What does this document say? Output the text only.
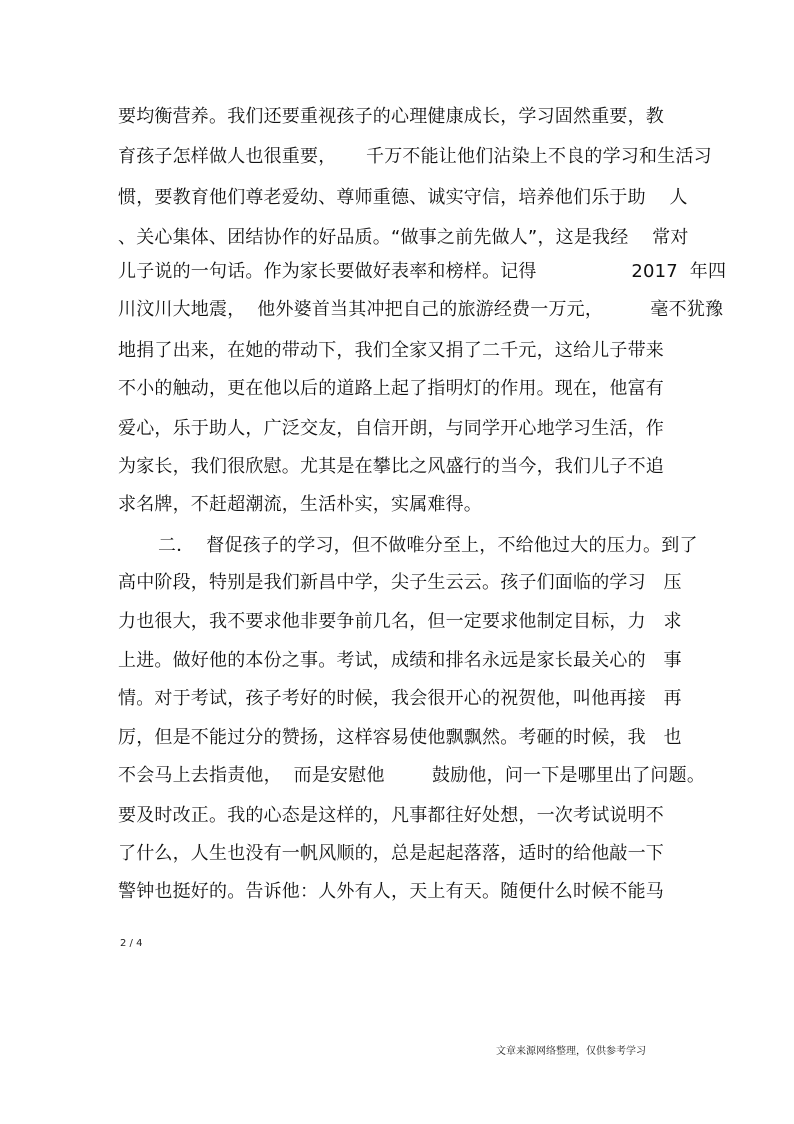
要均衡营养。我们还要重视孩子的心理健康成长，学习固然重要，教
育孩子怎样做人也很重要，     千万不能让他们沾染上不良的学习和生活习
惯，要教育他们尊老爱幼、尊师重德、诚实守信，培养他们乐于助    人
、关心集体、团结协作的好品质。“做事之前先做人”，这是我经    常对
儿子说的一句话。作为家长要做好表率和榜样。记得                2017  年四
川汶川大地震，  他外婆首当其冲把自己的旅游经费一万元，        毫不犹豫
地捐了出来，在她的带动下，我们全家又捐了二千元，这给儿子带来
不小的触动，更在他以后的道路上起了指明灯的作用。现在，他富有
爱心，乐于助人，广泛交友，自信开朗，与同学开心地学习生活，作
为家长，我们很欣慰。尤其是在攀比之风盛行的当今，我们儿子不追
求名牌，不赶超潮流，生活朴实，实属难得。
二．  督促孩子的学习，但不做唯分至上，不给他过大的压力。到了
高中阶段，特别是我们新昌中学，尖子生云云。孩子们面临的学习   压
力也很大，我不要求他非要争前几名，但一定要求他制定目标，力   求
上进。做好他的本份之事。考试，成绩和排名永远是家长最关心的   事
情。对于考试，孩子考好的时候，我会很开心的祝贺他，叫他再接   再
厉，但是不能过分的赞扬，这样容易使他飘飘然。考砸的时候，我   也
不会马上去指责他，  而是安慰他        鼓励他，问一下是哪里出了问题。
要及时改正。我的心态是这样的，凡事都往好处想，一次考试说明不
了什么，人生也没有一帆风顺的，总是起起落落，适时的给他敲一下
警钟也挺好的。告诉他：人外有人，天上有天。随便什么时候不能马
2 / 4
文章来源网络整理，仅供参考学习
